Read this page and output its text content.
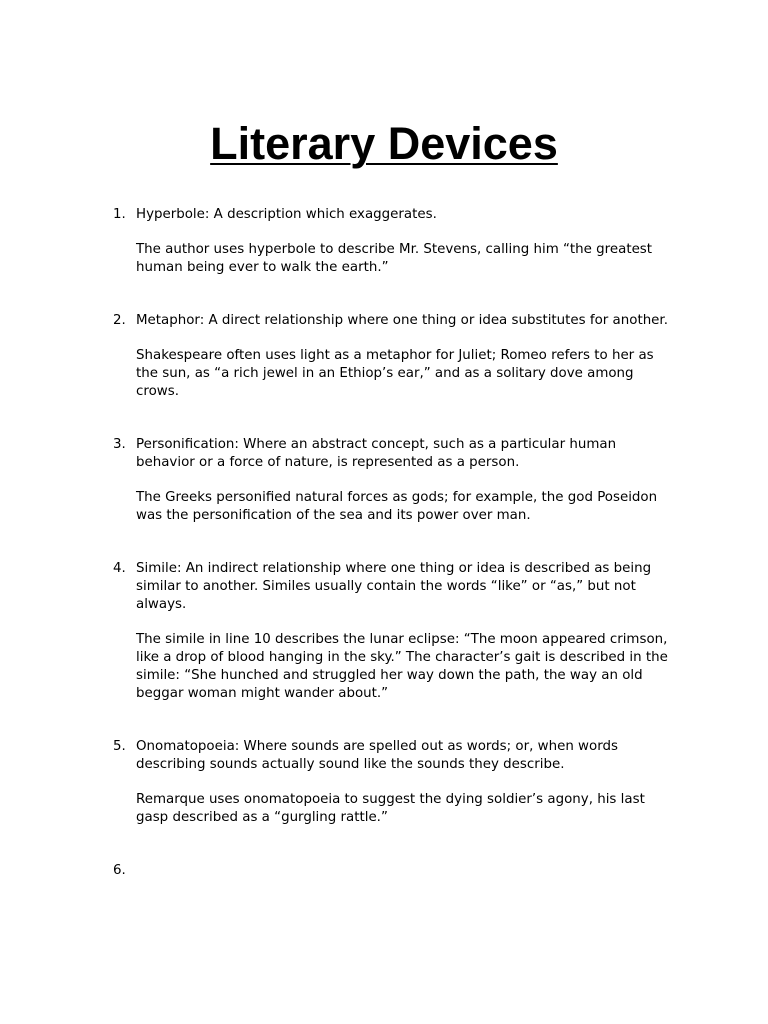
Literary Devices
1. Hyperbole: A description which exaggerates.

The author uses hyperbole to describe Mr. Stevens, calling him “the greatest human being ever to walk the earth.”

2. Metaphor: A direct relationship where one thing or idea substitutes for another.

Shakespeare often uses light as a metaphor for Juliet; Romeo refers to her as the sun, as “a rich jewel in an Ethiop’s ear,” and as a solitary dove among crows.

3. Personification: Where an abstract concept, such as a particular human behavior or a force of nature, is represented as a person.

The Greeks personified natural forces as gods; for example, the god Poseidon was the personification of the sea and its power over man.

4. Simile: An indirect relationship where one thing or idea is described as being similar to another. Similes usually contain the words “like” or “as,” but not always.

The simile in line 10 describes the lunar eclipse: “The moon appeared crimson, like a drop of blood hanging in the sky.” The character’s gait is described in the simile: “She hunched and struggled her way down the path, the way an old beggar woman might wander about.”

5. Onomatopoeia: Where sounds are spelled out as words; or, when words describing sounds actually sound like the sounds they describe.

Remarque uses onomatopoeia to suggest the dying soldier’s agony, his last gasp described as a “gurgling rattle.”

6.
